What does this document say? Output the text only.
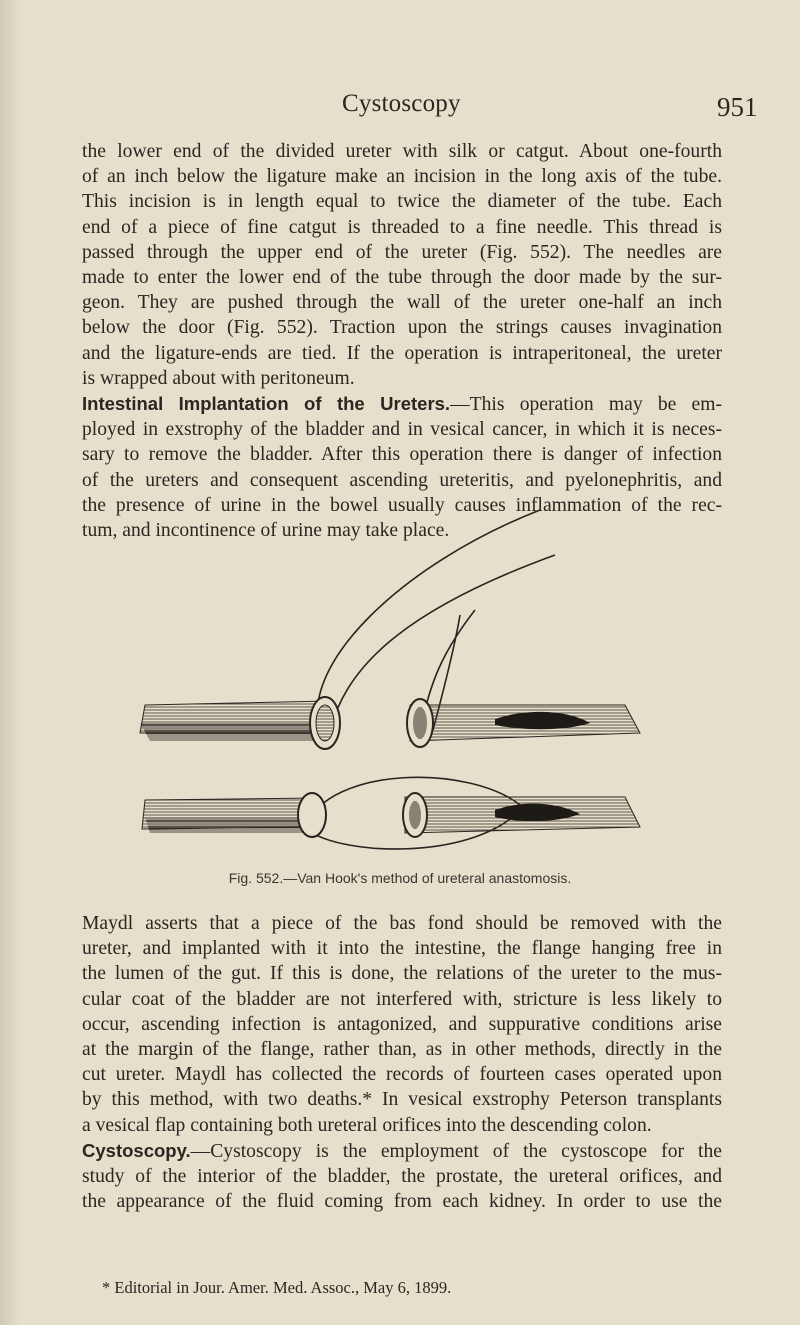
Cystoscopy	951

the lower end of the divided ureter with silk or catgut. About one-fourth
of an inch below the ligature make an incision in the long axis of the tube.
This incision is in length equal to twice the diameter of the tube. Each
end of a piece of fine catgut is threaded to a fine needle. This thread is
passed through the upper end of the ureter (Fig. 552). The needles are
made to enter the lower end of the tube through the door made by the sur-
geon. They are pushed through the wall of the ureter one-half an inch
below the door (Fig. 552). Traction upon the strings causes invagination
and the ligature-ends are tied. If the operation is intraperitoneal, the ureter
is wrapped about with peritoneum.

Intestinal Implantation of the Ureters.—This operation may be em-
ployed in exstrophy of the bladder and in vesical cancer, in which it is neces-
sary to remove the bladder. After this operation there is danger of infection
of the ureters and consequent ascending ureteritis, and pyelonephritis, and
the presence of urine in the bowel usually causes inflammation of the rec-
tum, and incontinence of urine may take place.

Fig. 552.—Van Hook's method of ureteral anastomosis.

Maydl asserts that a piece of the bas fond should be removed with the
ureter, and implanted with it into the intestine, the flange hanging free in
the lumen of the gut. If this is done, the relations of the ureter to the mus-
cular coat of the bladder are not interfered with, stricture is less likely to
occur, ascending infection is antagonized, and suppurative conditions arise
at the margin of the flange, rather than, as in other methods, directly in the
cut ureter. Maydl has collected the records of fourteen cases operated upon
by this method, with two deaths.* In vesical exstrophy Peterson transplants
a vesical flap containing both ureteral orifices into the descending colon.

Cystoscopy.—Cystoscopy is the employment of the cystoscope for the
study of the interior of the bladder, the prostate, the ureteral orifices, and
the appearance of the fluid coming from each kidney. In order to use the

* Editorial in Jour. Amer. Med. Assoc., May 6, 1899.
